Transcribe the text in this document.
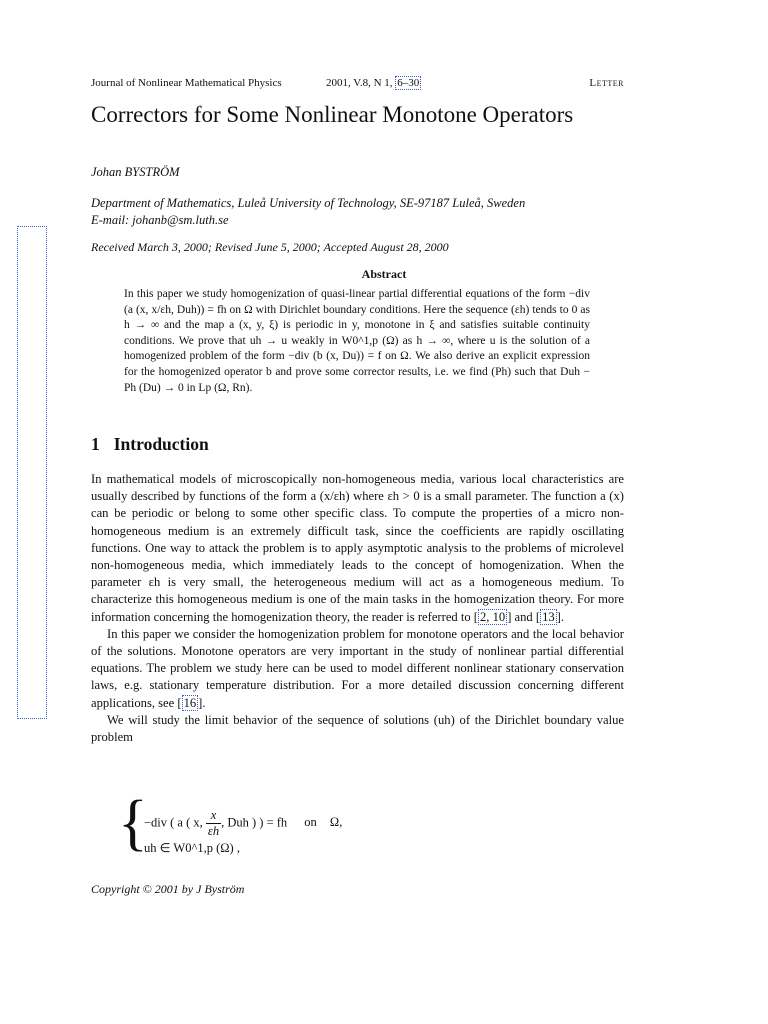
Journal of Nonlinear Mathematical Physics	2001, V.8, N 1, 6–30	Letter
Correctors for Some Nonlinear Monotone Operators
Johan BYSTRÖM
Department of Mathematics, Luleå University of Technology, SE-97187 Luleå, Sweden
E-mail: johanb@sm.luth.se
Received March 3, 2000; Revised June 5, 2000; Accepted August 28, 2000
Abstract

In this paper we study homogenization of quasi-linear partial differential equations of the form −div (a (x, x/εh, Duh)) = fh on Ω with Dirichlet boundary conditions. Here the sequence (εh) tends to 0 as h → ∞ and the map a (x, y, ξ) is periodic in y, monotone in ξ and satisfies suitable continuity conditions. We prove that uh → u weakly in W0^1,p (Ω) as h → ∞, where u is the solution of a homogenized problem of the form −div (b (x, Du)) = f on Ω. We also derive an explicit expression for the homogenized operator b and prove some corrector results, i.e. we find (Ph) such that Duh − Ph (Du) → 0 in Lp (Ω, Rn).

1 Introduction

In mathematical models of microscopically non-homogeneous media, various local characteristics are usually described by functions of the form a (x/εh) where εh > 0 is a small parameter. The function a (x) can be periodic or belong to some other specific class. To compute the properties of a micro non-homogeneous medium is an extremely difficult task, since the coefficients are rapidly oscillating functions. One way to attack the problem is to apply asymptotic analysis to the problems of microlevel non-homogeneous media, which immediately leads to the concept of homogenization. When the parameter εh is very small, the heterogeneous medium will act as a homogeneous medium. To characterize this homogeneous medium is one of the main tasks in the homogenization theory. For more information concerning the homogenization theory, the reader is referred to [ 2, 10 ] and [ 13 ].

In this paper we consider the homogenization problem for monotone operators and the local behavior of the solutions. Monotone operators are very important in the study of nonlinear partial differential equations. The problem we study here can be used to model different nonlinear stationary conservation laws, e.g. stationary temperature distribution. For a more detailed discussion concerning different applications, see [ 16 ].

We will study the limit behavior of the sequence of solutions (uh) of the Dirichlet boundary value problem

{
−div ( a ( x, $\frac{x}{\varepsilon h}$ , Duh ) ) = fh on Ω,
uh ∈ W0^1,p (Ω) ,
Copyright © 2001 by J Byström
